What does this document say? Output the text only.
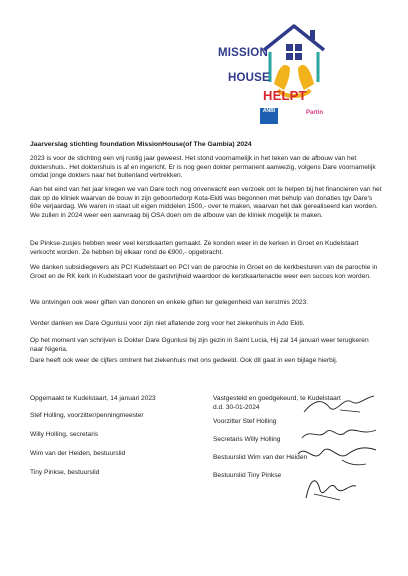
MISSION
HOUSE
HELPT
ANBI	Partin

Jaarverslag stichting foundation MissionHouse(of The Gambia) 2024

2023 is voor de stichting een vrij rustig jaar geweest. Het stond voornamelijk in het teken van de afbouw van het doktershuis.. Het doktershuis is af en ingericht. Er is nog geen dokter permanent aanwezig, volgens Dare voornamelijk omdat jonge dokters naar het buitenland vertrekken.

Aan het eind van het jaar kregen we van Dare toch nog onverwacht een verzoek om te helpen bij het financieren van het dak op de kliniek waarvan de bouw in zijn geboortedorp Kota-Ekiti was begonnen met behulp van donaties tgv Dare's 60e verjaardag. We waren in staat uit eigen middelen 1500,- over te maken, waarvan het dak gerealiseerd kan worden. We zullen in 2024 weer een aanvraag bij OSA doen om de afbouw van de kliniek mogelijk te maken.

De Pinkse-zusjes hebben weer veel kerstkaarten gemaakt. Ze konden weer in de kerken in Groet en Kudelstaart verkocht worden. Ze hebben bij elkaar rond de €900,- opgebracht.

We danken subsidiegevers als PCI Kudelstaart en PCI van de parochie in Groet en de kerkbesturen van de parochie in Groet en de RK kerk in Kudelstaart voor de gastvrijheid waardoor de kerstkaartenactie weer een succes kon worden.

We ontvingen ook weer giften van donoren en enkele giften ter gelegenheid van kerstmis 2023.

Verder danken we Dare Ogunlusi voor zijn niet aflatende zorg voor het ziekenhuis in Ado Ekiti.

Op het moment van schrijven is Dokter Dare Ogunlusi bij zijn gezin in Saint Lucia, Hij zal 14 januari weer terugkeren naar Nigeria.

Dare heeft ook weer de cijfers omtrent het ziekenhuis met ons gedeeld. Ook dit gaat in een bijlage hierbij.

Opgemaakt te Kudelstaart, 14 januari 2023
Stef Holling, voorzitter/penningmeester
Willy Holling, secretaris
Wim van der Heiden, bestuurslid
Tiny Pinkse, bestuurslid
Vastgesteld en goedgekeurd, te Kudelstaart
d.d. 30-01-2024
Voorzitter Stef Holling
Secretaris Willy Holling
Bestuurslid Wim van der Heiden
Bestuurslid Tiny Pinkse
